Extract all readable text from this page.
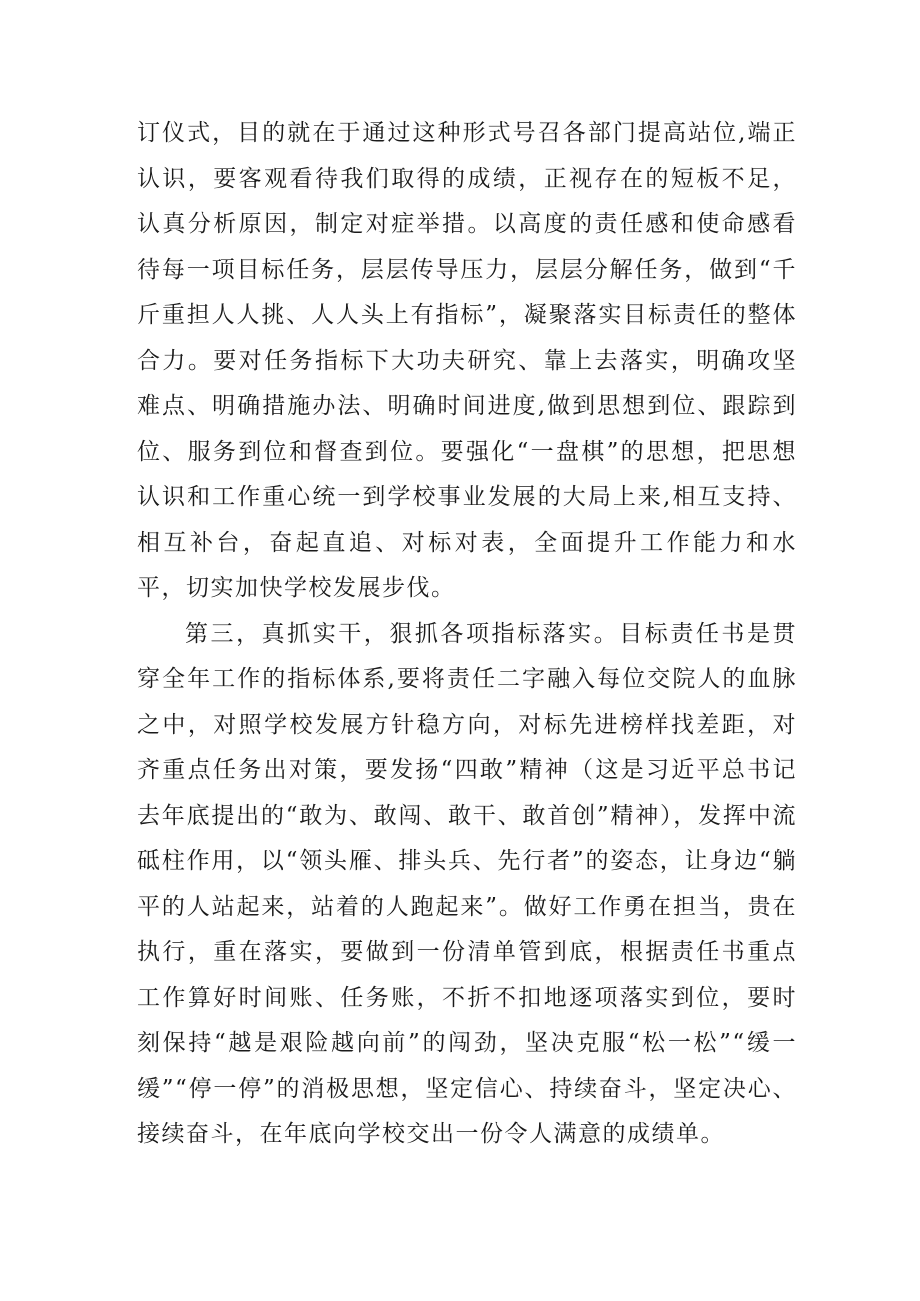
订仪式，目的就在于通过这种形式号召各部门提高站位,端正认识，要客观看待我们取得的成绩，正视存在的短板不足，认真分析原因，制定对症举措。以高度的责任感和使命感看待每一项目标任务，层层传导压力，层层分解任务，做到“千斤重担人人挑、人人头上有指标”，凝聚落实目标责任的整体合力。要对任务指标下大功夫研究、靠上去落实，明确攻坚难点、明确措施办法、明确时间进度,做到思想到位、跟踪到位、服务到位和督查到位。要强化“一盘棋”的思想，把思想认识和工作重心统一到学校事业发展的大局上来,相互支持、相互补台，奋起直追、对标对表，全面提升工作能力和水平，切实加快学校发展步伐。

第三，真抓实干，狠抓各项指标落实。目标责任书是贯穿全年工作的指标体系,要将责任二字融入每位交院人的血脉之中，对照学校发展方针稳方向，对标先进榜样找差距，对齐重点任务出对策，要发扬“四敢”精神（这是习近平总书记去年底提出的“敢为、敢闯、敢干、敢首创”精神），发挥中流砥柱作用，以“领头雁、排头兵、先行者”的姿态，让身边“躺平的人站起来，站着的人跑起来”。做好工作勇在担当，贵在执行，重在落实，要做到一份清单管到底，根据责任书重点工作算好时间账、任务账，不折不扣地逐项落实到位，要时刻保持“越是艰险越向前”的闯劲，坚决克服“松一松”“缓一缓”“停一停”的消极思想，坚定信心、持续奋斗，坚定决心、接续奋斗，在年底向学校交出一份令人满意的成绩单。
